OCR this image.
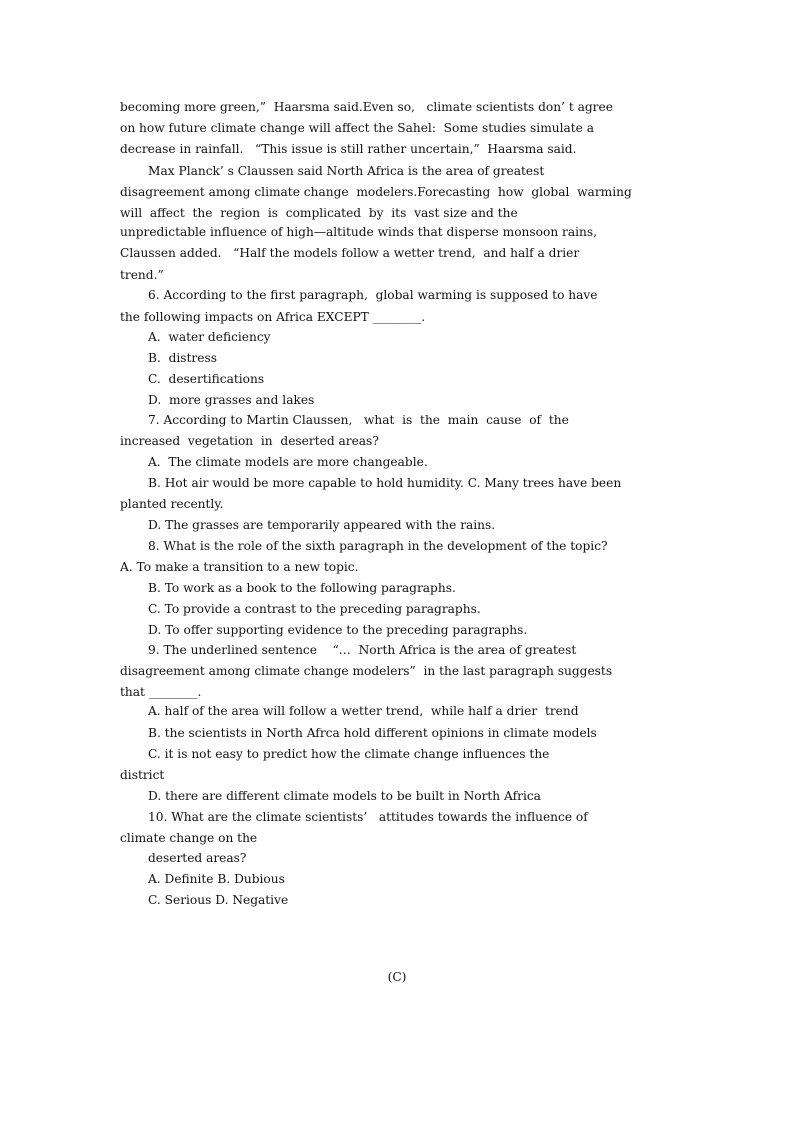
becoming more green,”  Haarsma said.Even so,   climate scientists don’ t agree
on how future climate change will affect the Sahel:  Some studies simulate a
decrease in rainfall.   “This issue is still rather uncertain,”  Haarsma said.
Max Planck’ s Claussen said North Africa is the area of greatest
disagreement among climate change  modelers.Forecasting  how  global  warming
will  affect  the  region  is  complicated  by  its  vast size and the
unpredictable influence of high—altitude winds that disperse monsoon rains,
Claussen added.   “Half the models follow a wetter trend,  and half a drier
trend.”
6. According to the first paragraph,  global warming is supposed to have
the following impacts on Africa EXCEPT ________.
A.  water deficiency
B.  distress
C.  desertifications
D.  more grasses and lakes
7. According to Martin Claussen,   what  is  the  main  cause  of  the
increased  vegetation  in  deserted areas?
A.  The climate models are more changeable.
B. Hot air would be more capable to hold humidity. C. Many trees have been
planted recently.
D. The grasses are temporarily appeared with the rains.
8. What is the role of the sixth paragraph in the development of the topic?
A. To make a transition to a new topic.
B. To work as a book to the following paragraphs.
C. To provide a contrast to the preceding paragraphs.
D. To offer supporting evidence to the preceding paragraphs.
9. The underlined sentence    “…  North Africa is the area of greatest
disagreement among climate change modelers”  in the last paragraph suggests
that ________.
A. half of the area will follow a wetter trend,  while half a drier  trend
B. the scientists in North Afrca hold different opinions in climate models
C. it is not easy to predict how the climate change influences the
district
D. there are different climate models to be built in North Africa
10. What are the climate scientists’   attitudes towards the influence of
climate change on the
deserted areas?
A. Definite B. Dubious
C. Serious D. Negative
(C)
